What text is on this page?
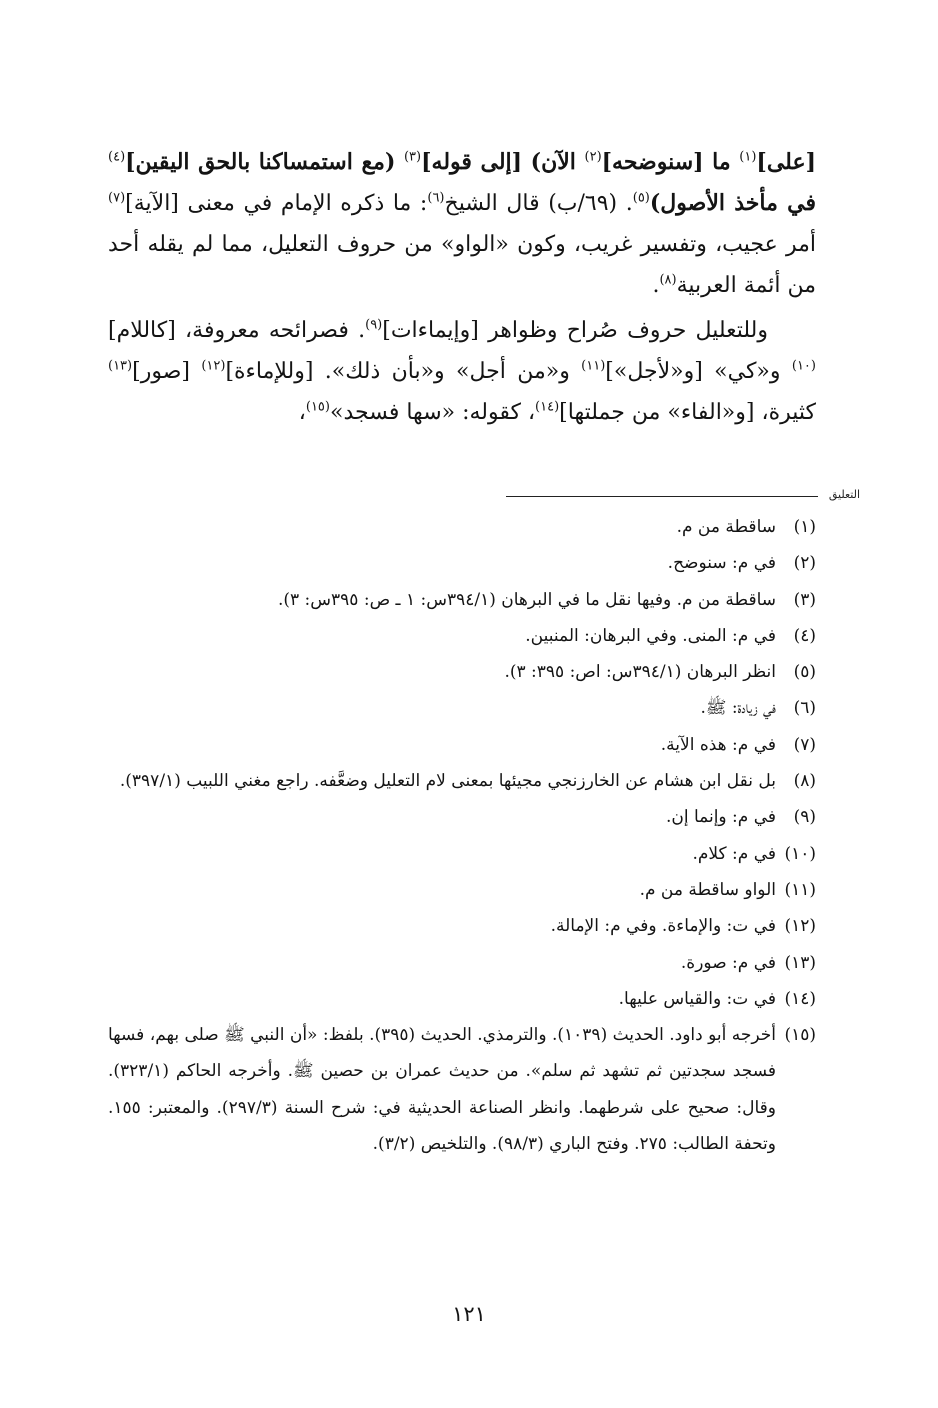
[على]$^{(١)}$ ما [سنوضحه]$^{(٢)}$ الآن) [إلى قوله]$^{(٣)}$ (مع استمساكنا بالحق اليقين]$^{(٤)}$ في مأخذ الأصول)$^{(٥)}$. (٦٩/ب) قال الشيخ$^{(٦)}$: ما ذكره الإمام في معنى [الآية]$^{(٧)}$ أمر عجيب، وتفسير غريب، وكون «الواو» من حروف التعليل، مما لم يقله أحد من أئمة العربية$^{(٨)}$.

وللتعليل حروف صُراح وظواهر [وإيماءات]$^{(٩)}$. فصرائحه معروفة، [كاللام]$^{(١٠)}$ و«كي» [و«لأجل»]$^{(١١)}$ و«من أجل» و«بأن ذلك». [وللإماءة]$^{(١٢)}$ [صور]$^{(١٣)}$ كثيرة، [و«الفاء» من جملتها]$^{(١٤)}$، كقوله: «سها فسجد»$^{(١٥)}$،

التعليق
(١)
ساقطة من م.
(٢)
في م: سنوضح.
(٣)
ساقطة من م. وفيها نقل ما في البرهان (٣٩٤/١س: ١ ـ ص: ٣٩٥س: ٣).
(٤)
في م: المنى. وفي البرهان: المنبين.
(٥)
انظر البرهان (٣٩٤/١س: اص: ٣٩٥: ٣).
(٦)
في زيادة: ﷺ.
(٧)
في م: هذه الآية.
(٨)
بل نقل ابن هشام عن الخارزنجي مجيئها بمعنى لام التعليل وضعَّفه. راجع مغني اللبيب (٣٩٧/١).
(٩)
في م: وإنما إن.
(١٠)
في م: كلام.
(١١)
الواو ساقطة من م.
(١٢)
في ت: والإماءة. وفي م: الإمالة.
(١٣)
في م: صورة.
(١٤)
في ت: والقياس عليها.
(١٥)
أخرجه أبو داود. الحديث (١٠٣٩). والترمذي. الحديث (٣٩٥). بلفظ: «أن النبي ﷺ صلى بهم، فسها فسجد سجدتين ثم تشهد ثم سلم». من حديث عمران بن حصين ﷺ. وأخرجه الحاكم (٣٢٣/١). وقال: صحيح على شرطهما. وانظر الصناعة الحديثية في: شرح السنة (٢٩٧/٣). والمعتبر: ١٥٥. وتحفة الطالب: ٢٧٥. وفتح الباري (٩٨/٣). والتلخيص (٣/٢).
١٢١
